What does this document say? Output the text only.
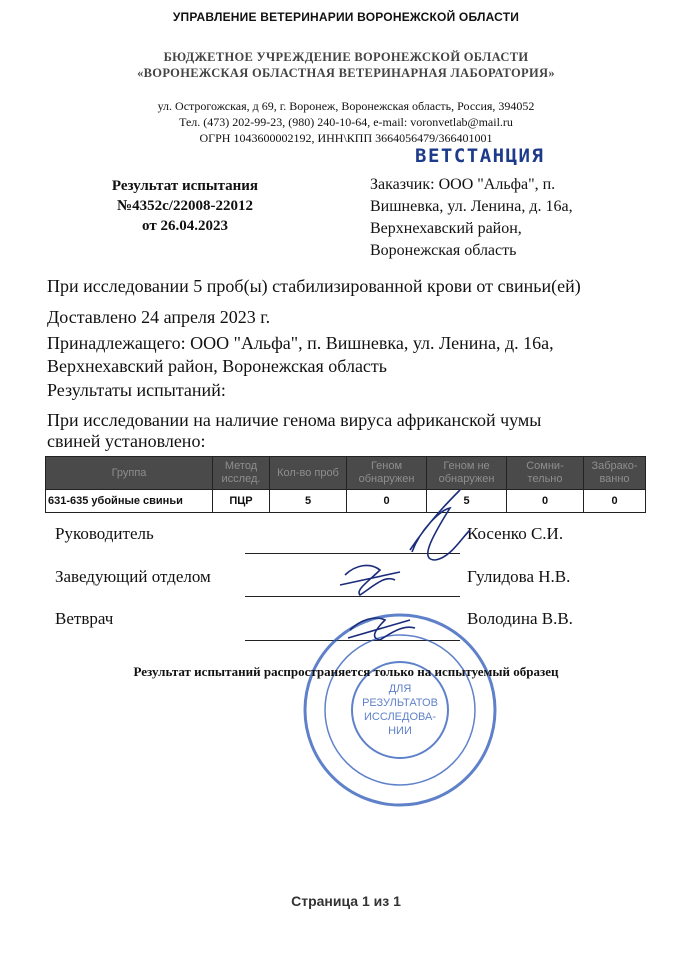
УПРАВЛЕНИЕ ВЕТЕРИНАРИИ ВОРОНЕЖСКОЙ ОБЛАСТИ
БЮДЖЕТНОЕ УЧРЕЖДЕНИЕ ВОРОНЕЖСКОЙ ОБЛАСТИ
«ВОРОНЕЖСКАЯ ОБЛАСТНАЯ ВЕТЕРИНАРНАЯ ЛАБОРАТОРИЯ»
ул. Острогожская, д 69, г. Воронеж, Воронежская область, Россия, 394052
Тел. (473) 202-99-23, (980) 240-10-64, e-mail: voronvetlab@mail.ru
ОГРН 1043600002192, ИНН\КПП 3664056479/366401001
ВЕТСТАНЦИЯ
Результат испытания
№4352с/22008-22012
от 26.04.2023
Заказчик: ООО "Альфа", п.
Вишневка, ул. Ленина, д. 16а,
Верхнехавский район,
Воронежская область
При исследовании 5 проб(ы) стабилизированной крови от свиньи(ей)
Доставлено 24 апреля 2023 г.
Принадлежащего: ООО "Альфа", п. Вишневка, ул. Ленина, д. 16а,
Верхнехавский район, Воронежская область
Результаты испытаний:
При исследовании на наличие генома вируса африканской чумы
свиней установлено:
Группа	Метод исслед.	Кол-во проб	Геном обнаружен	Геном не обнаружен	Сомни-тельно	Забрако-ванно
631-635 убойные свиньи	ПЦР	5	0	5	0	0
Руководитель	Косенко С.И.
Заведующий отделом	Гулидова Н.В.
Ветврач	Володина В.В.
ДЛЯ
РЕЗУЛЬТАТОВ
ИССЛЕДОВА-
НИИ
Результат испытаний распространяется только на испытуемый образец
Страница 1 из 1
